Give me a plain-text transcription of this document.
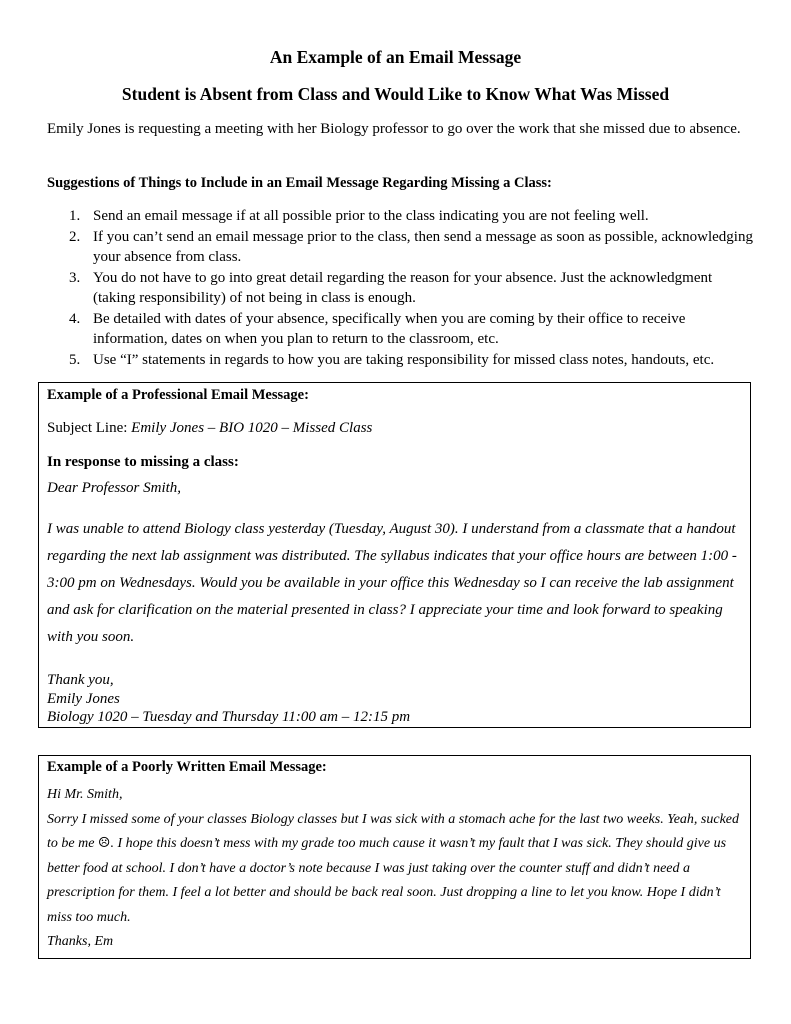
An Example of an Email Message
Student is Absent from Class and Would Like to Know What Was Missed

Emily Jones is requesting a meeting with her Biology professor to go over the work that she missed due to absence.

Suggestions of Things to Include in an Email Message Regarding Missing a Class:

1. Send an email message if at all possible prior to the class indicating you are not feeling well.
2. If you can’t send an email message prior to the class, then send a message as soon as possible, acknowledging your absence from class.
3. You do not have to go into great detail regarding the reason for your absence. Just the acknowledgment (taking responsibility) of not being in class is enough.
4. Be detailed with dates of your absence, specifically when you are coming by their office to receive information, dates on when you plan to return to the classroom, etc.
5. Use “I” statements in regards to how you are taking responsibility for missed class notes, handouts, etc.

Example of a Professional Email Message:

Subject Line: Emily Jones – BIO 1020 – Missed Class

In response to missing a class:

Dear Professor Smith,

I was unable to attend Biology class yesterday (Tuesday, August 30). I understand from a classmate that a handout regarding the next lab assignment was distributed. The syllabus indicates that your office hours are between 1:00 - 3:00 pm on Wednesdays. Would you be available in your office this Wednesday so I can receive the lab assignment and ask for clarification on the material presented in class? I appreciate your time and look forward to speaking with you soon.

Thank you,
Emily Jones
Biology 1020 – Tuesday and Thursday 11:00 am – 12:15 pm

Example of a Poorly Written Email Message:

Hi Mr. Smith,
Sorry I missed some of your classes Biology classes but I was sick with a stomach ache for the last two weeks. Yeah, sucked to be me ☹. I hope this doesn’t mess with my grade too much cause it wasn’t my fault that I was sick. They should give us better food at school. I don’t have a doctor’s note because I was just taking over the counter stuff and didn’t need a prescription for them. I feel a lot better and should be back real soon. Just dropping a line to let you know. Hope I didn’t miss too much.
Thanks, Em
